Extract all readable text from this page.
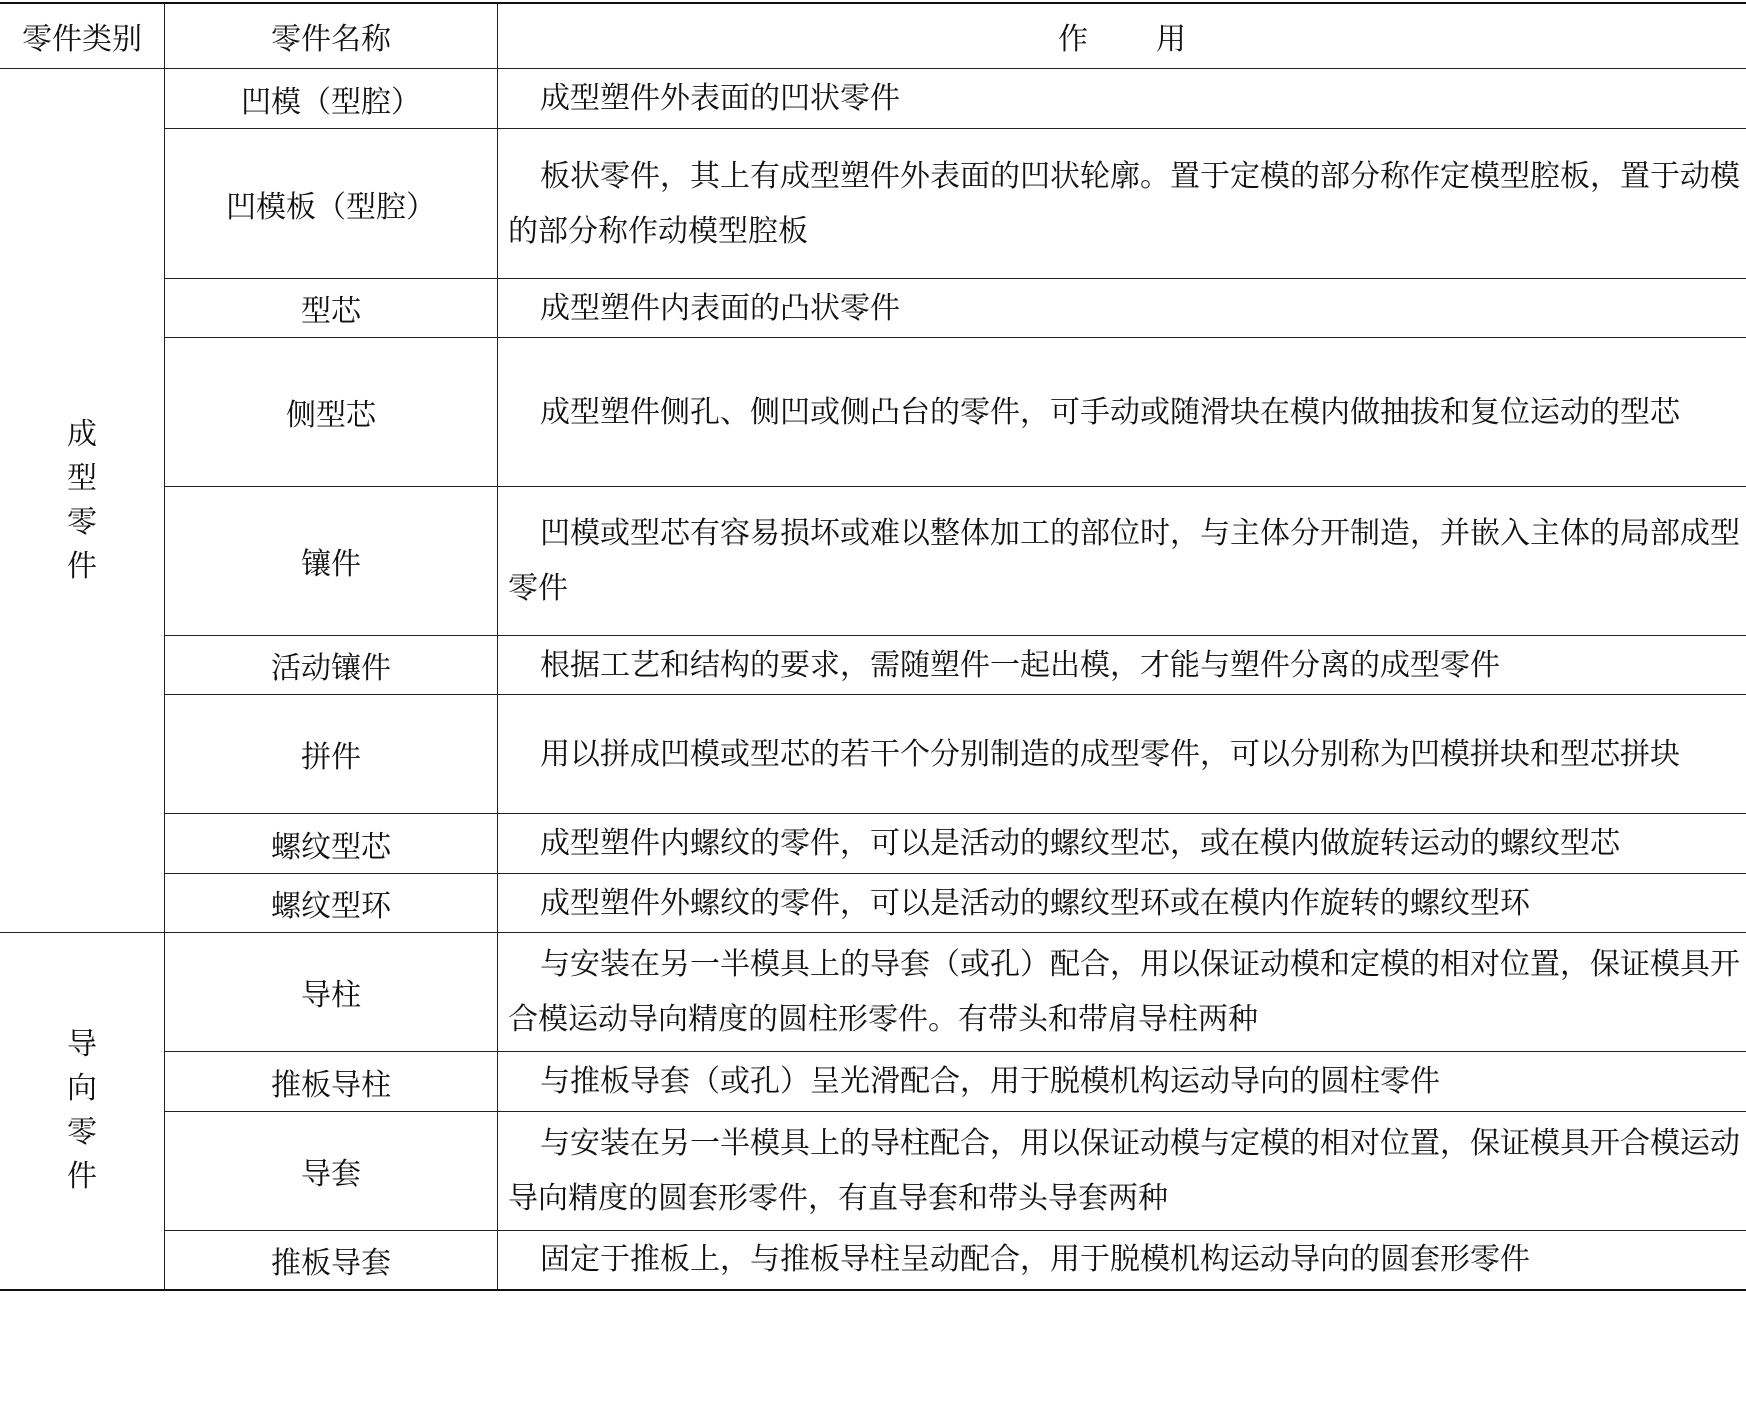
零件类别	零件名称	作用
成型零件	凹模（型腔）	成型塑件外表面的凹状零件

	凹模板（型腔）	板状零件，其上有成型塑件外表面的凹状轮廓。置于定模的部分称作定模型腔板，置于动模的部分称作动模型腔板

	型芯	成型塑件内表面的凸状零件

	侧型芯	成型塑件侧孔、侧凹或侧凸台的零件，可手动或随滑块在模内做抽拔和复位运动的型芯

	镶件	凹模或型芯有容易损坏或难以整体加工的部位时，与主体分开制造，并嵌入主体的局部成型零件

	活动镶件	根据工艺和结构的要求，需随塑件一起出模，才能与塑件分离的成型零件

	拼件	用以拼成凹模或型芯的若干个分别制造的成型零件，可以分别称为凹模拼块和型芯拼块

	螺纹型芯	成型塑件内螺纹的零件，可以是活动的螺纹型芯，或在模内做旋转运动的螺纹型芯

	螺纹型环	成型塑件外螺纹的零件，可以是活动的螺纹型环或在模内作旋转的螺纹型环

导向零件	导柱	与安装在另一半模具上的导套（或孔）配合，用以保证动模和定模的相对位置，保证模具开合模运动导向精度的圆柱形零件。有带头和带肩导柱两种

	推板导柱	与推板导套（或孔）呈光滑配合，用于脱模机构运动导向的圆柱零件

	导套	与安装在另一半模具上的导柱配合，用以保证动模与定模的相对位置，保证模具开合模运动导向精度的圆套形零件，有直导套和带头导套两种

	推板导套	固定于推板上，与推板导柱呈动配合，用于脱模机构运动导向的圆套形零件
